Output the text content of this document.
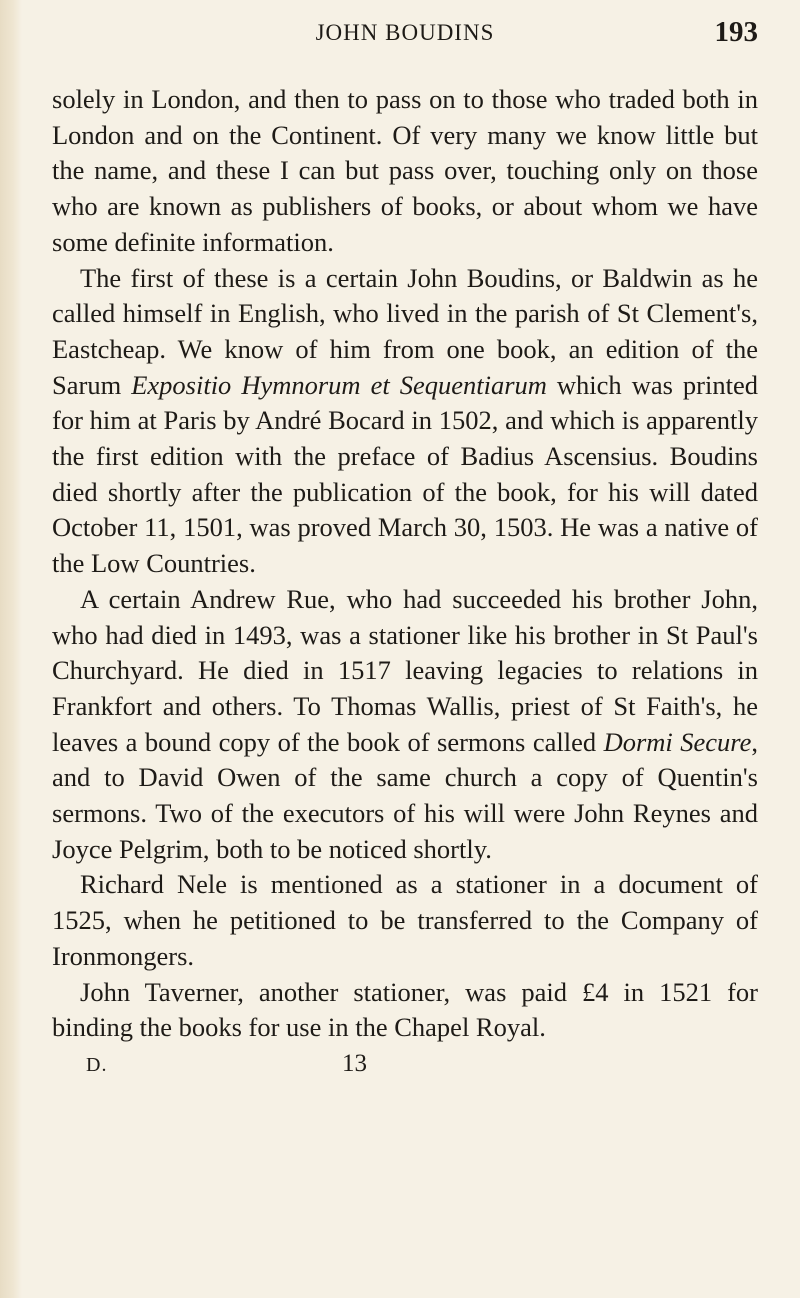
JOHN BOUDINS	193

solely in London, and then to pass on to those who traded both in London and on the Continent. Of very many we know little but the name, and these I can but pass over, touching only on those who are known as publishers of books, or about whom we have some definite information.

The first of these is a certain John Boudins, or Baldwin as he called himself in English, who lived in the parish of St Clement's, Eastcheap. We know of him from one book, an edition of the Sarum Expositio Hymnorum et Sequentiarum which was printed for him at Paris by André Bocard in 1502, and which is apparently the first edition with the preface of Badius Ascensius. Boudins died shortly after the publication of the book, for his will dated October 11, 1501, was proved March 30, 1503. He was a native of the Low Countries.

A certain Andrew Rue, who had succeeded his brother John, who had died in 1493, was a stationer like his brother in St Paul's Churchyard. He died in 1517 leaving legacies to relations in Frankfort and others. To Thomas Wallis, priest of St Faith's, he leaves a bound copy of the book of sermons called Dormi Secure, and to David Owen of the same church a copy of Quentin's sermons. Two of the executors of his will were John Reynes and Joyce Pelgrim, both to be noticed shortly.

Richard Nele is mentioned as a stationer in a document of 1525, when he petitioned to be transferred to the Company of Ironmongers.

John Taverner, another stationer, was paid £4 in 1521 for binding the books for use in the Chapel Royal.

D.	13
